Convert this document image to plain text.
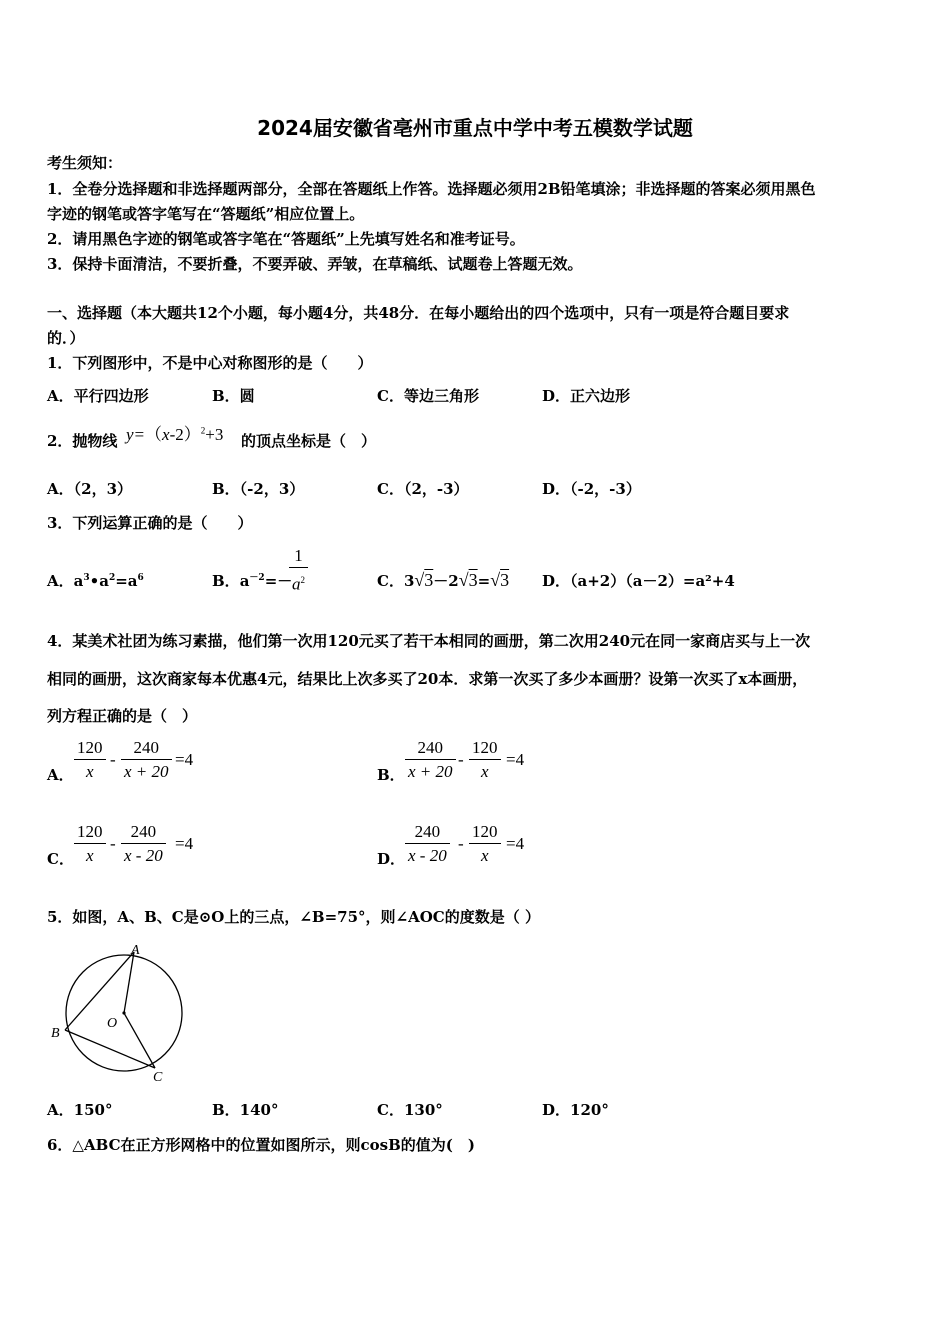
2024届安徽省亳州市重点中学中考五模数学试题
考生须知：
1．全卷分选择题和非选择题两部分，全部在答题纸上作答。选择题必须用2B铅笔填涂；非选择题的答案必须用黑色
字迹的钢笔或答字笔写在“答题纸”相应位置上。
2．请用黑色字迹的钢笔或答字笔在“答题纸”上先填写姓名和准考证号。
3．保持卡面清洁，不要折叠，不要弄破、弄皱，在草稿纸、试题卷上答题无效。
一、选择题（本大题共12个小题，每小题4分，共48分．在每小题给出的四个选项中，只有一项是符合题目要求
的．）
1．下列图形中，不是中心对称图形的是（　　）
A．平行四边形	B．圆	C．等边三角形	D．正六边形
2．抛物线 $y=(x-2)^2+3$ 的顶点坐标是（　）
A．（2，3）	B．（-2，3）	C．（2，-3）	D．（-2，-3）
3．下列运算正确的是（　　）
A．$a^3•a^2=a^6$	B．$a^{-2}=-$
$\frac{1}{a^2}$	C．3√3－2√3=√3 D．（a+2）（a－2）=a²+4
4．某美术社团为练习素描，他们第一次用120元买了若干本相同的画册，第二次用240元在同一家商店买与上一次
相同的画册，这次商家每本优惠4元，结果比上次多买了20本．求第一次买了多少本画册？设第一次买了x本画册，
列方程正确的是（　）
A． $\frac{120}{x} - \frac{240}{x + 20} =4$
B． $\frac{240}{x + 20} - \frac{120}{x} =4$
C． $\frac{120}{x} - \frac{240}{x - 20} =4$
D． $\frac{240}{x - 20} - \frac{120}{x} =4$
5．如图，A、B、C是⊙O上的三点，∠B=75°，则∠AOC的度数是（ ）
A
B
C
O
A．150°	B．140°	C．130°	D．120°
6．△ABC在正方形网格中的位置如图所示，则cosB的值为(　)
